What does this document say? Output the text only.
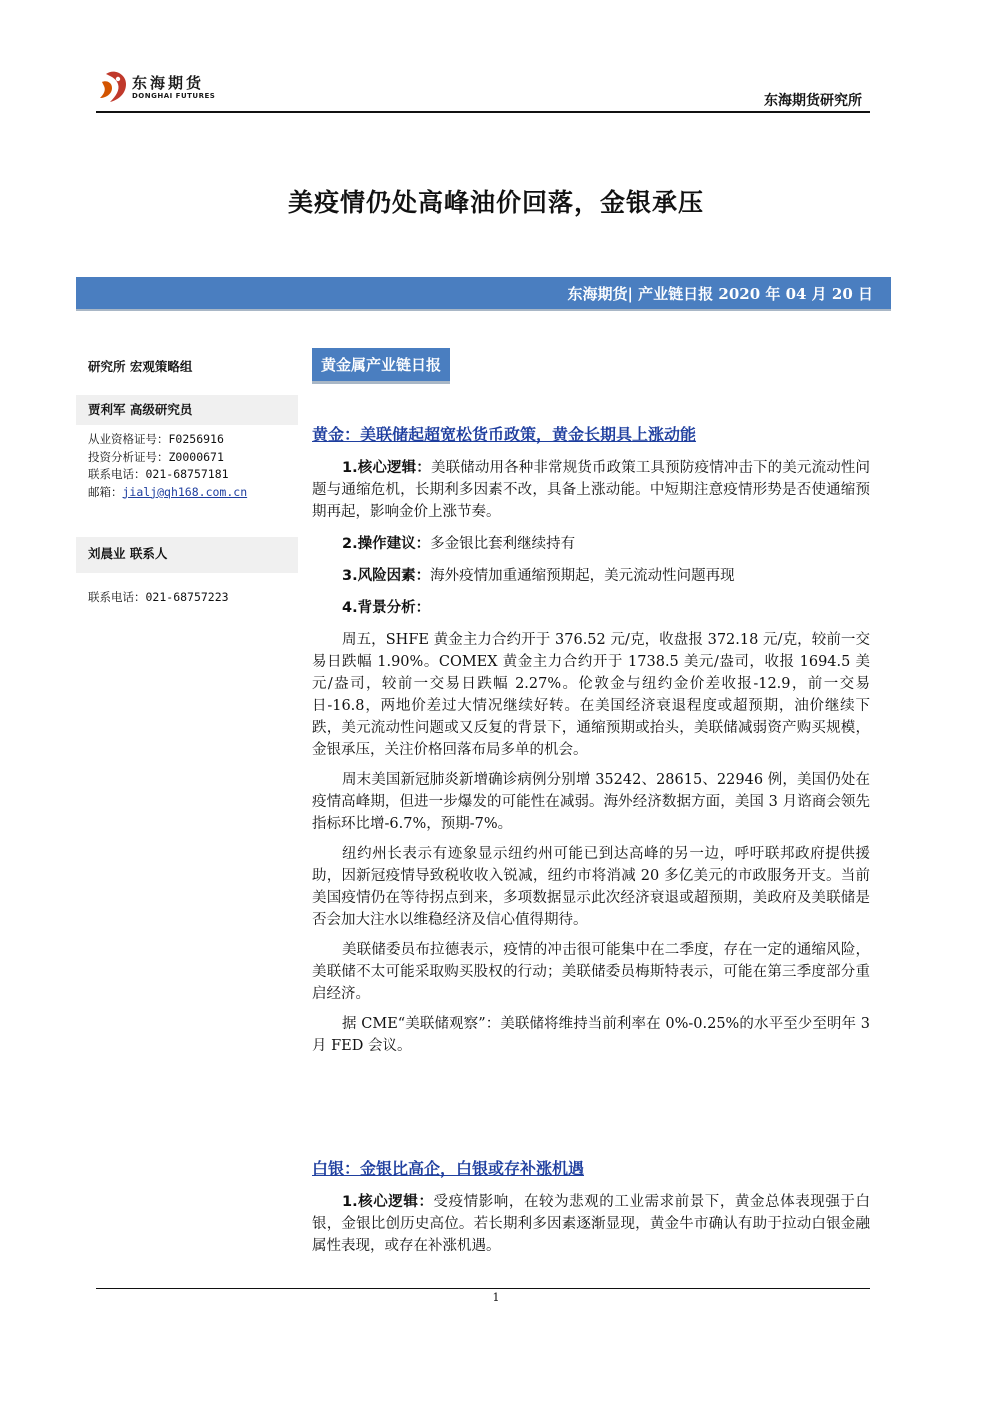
东海期货
DONGHAI FUTURES	东海期货研究所
美疫情仍处高峰油价回落，金银承压
东海期货| 产业链日报 2020 年 04 月 20 日
研究所 宏观策略组
贾利军 高级研究员
从业资格证号：F0256916
投资分析证号：Z0000671
联系电话：021-68757181
邮箱：jialj@qh168.com.cn
刘晨业 联系人
联系电话：021-68757223
黄金属产业链日报
黄金：美联储起超宽松货币政策，黄金长期具上涨动能

1.核心逻辑：美联储动用各种非常规货币政策工具预防疫情冲击下的美元流动性问题与通缩危机，长期利多因素不改，具备上涨动能。中短期注意疫情形势是否使通缩预期再起，影响金价上涨节奏。

2.操作建议：多金银比套利继续持有
3.风险因素：海外疫情加重通缩预期起，美元流动性问题再现
4.背景分析：

周五，SHFE 黄金主力合约开于 376.52 元/克，收盘报 372.18 元/克，较前一交易日跌幅 1.90%。COMEX 黄金主力合约开于 1738.5 美元/盎司，收报 1694.5 美元/盎司，较前一交易日跌幅 2.27%。伦敦金与纽约金价差收报-12.9，前一交易日-16.8，两地价差过大情况继续好转。在美国经济衰退程度或超预期，油价继续下跌，美元流动性问题或又反复的背景下，通缩预期或抬头，美联储减弱资产购买规模，金银承压，关注价格回落布局多单的机会。

周末美国新冠肺炎新增确诊病例分别增 35242、28615、22946 例，美国仍处在疫情高峰期，但进一步爆发的可能性在减弱。海外经济数据方面，美国 3 月谘商会领先指标环比增-6.7%，预期-7%。

纽约州长表示有迹象显示纽约州可能已到达高峰的另一边，呼吁联邦政府提供援助，因新冠疫情导致税收收入锐减，纽约市将消减 20 多亿美元的市政服务开支。当前美国疫情仍在等待拐点到来，多项数据显示此次经济衰退或超预期，美政府及美联储是否会加大注水以维稳经济及信心值得期待。

美联储委员布拉德表示，疫情的冲击很可能集中在二季度，存在一定的通缩风险，美联储不太可能采取购买股权的行动；美联储委员梅斯特表示，可能在第三季度部分重启经济。

据 CME“美联储观察”：美联储将维持当前利率在 0%-0.25%的水平至少至明年 3 月 FED 会议。

白银：金银比高企，白银或存补涨机遇

1.核心逻辑：受疫情影响，在较为悲观的工业需求前景下，黄金总体表现强于白银，金银比创历史高位。若长期利多因素逐渐显现，黄金牛市确认有助于拉动白银金融属性表现，或存在补涨机遇。

1
